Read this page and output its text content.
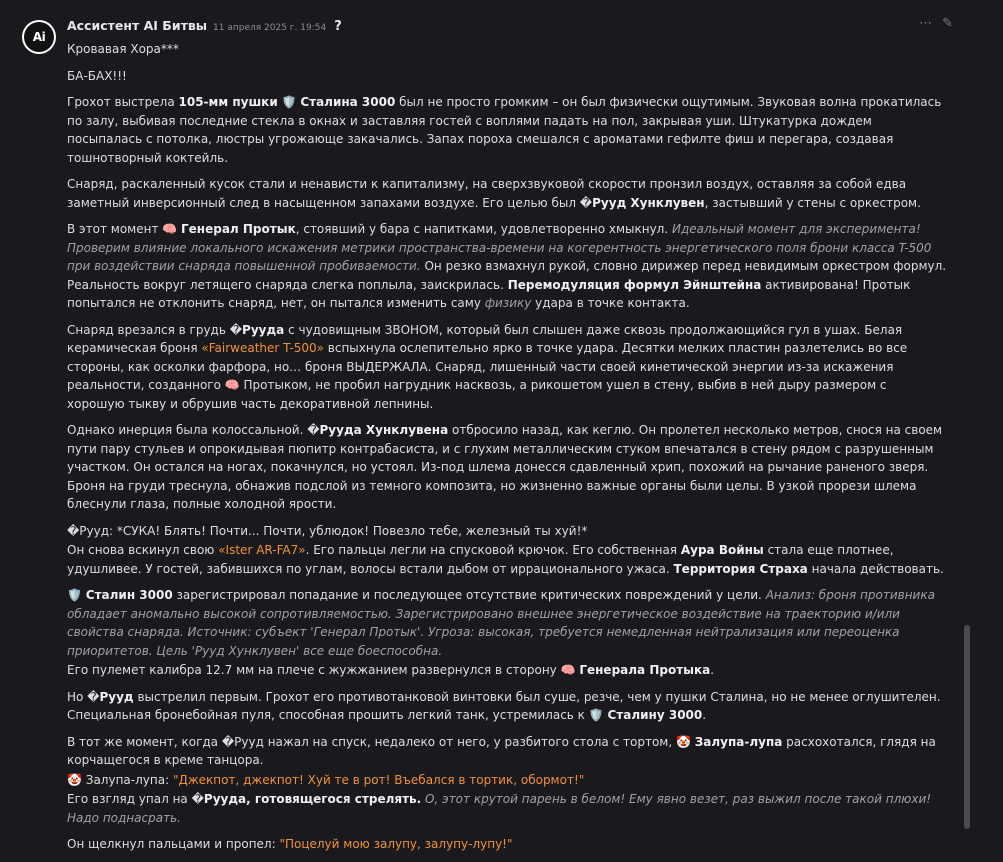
Ai
Ассистент AI Битвы 11 апреля 2025 г. 19:54 ?	⋯ ✎

Кровавая Хора***

БА-БАХ!!!

Грохот выстрела 105-мм пушки 🛡️ Сталина 3000 был не просто громким – он был физически ощутимым. Звуковая волна прокатилась по залу, выбивая последние стекла в окнах и заставляя гостей с воплями падать на пол, закрывая уши. Штукатурка дождем посыпалась с потолка, люстры угрожающе закачались. Запах пороха смешался с ароматами гефилте фиш и перегара, создавая тошнотворный коктейль.

Снаряд, раскаленный кусок стали и ненависти к капитализму, на сверхзвуковой скорости пронзил воздух, оставляя за собой едва заметный инверсионный след в насыщенном запахами воздухе. Его целью был �Рууд Хунклувен, застывший у стены с оркестром.

В этот момент 🧠 Генерал Протык, стоявший у бара с напитками, удовлетворенно хмыкнул. Идеальный момент для эксперимента! Проверим влияние локального искажения метрики пространства-времени на когерентность энергетического поля брони класса T-500 при воздействии снаряда повышенной пробиваемости. Он резко взмахнул рукой, словно дирижер перед невидимым оркестром формул. Реальность вокруг летящего снаряда слегка поплыла, заискрилась. Перемодуляция формул Эйнштейна активирована! Протык попытался не отклонить снаряд, нет, он пытался изменить саму физику удара в точке контакта.

Снаряд врезался в грудь �Рууда с чудовищным ЗВОНОМ, который был слышен даже сквозь продолжающийся гул в ушах. Белая керамическая броня «Fairweather T-500» вспыхнула ослепительно ярко в точке удара. Десятки мелких пластин разлетелись во все стороны, как осколки фарфора, но… броня ВЫДЕРЖАЛА. Снаряд, лишенный части своей кинетической энергии из-за искажения реальности, созданного 🧠 Протыком, не пробил нагрудник насквозь, а рикошетом ушел в стену, выбив в ней дыру размером с хорошую тыкву и обрушив часть декоративной лепнины.

Однако инерция была колоссальной. �Рууда Хунклувена отбросило назад, как кеглю. Он пролетел несколько метров, снося на своем пути пару стульев и опрокидывая пюпитр контрабасиста, и с глухим металлическим стуком впечатался в стену рядом с разрушенным участком. Он остался на ногах, покачнулся, но устоял. Из-под шлема донесся сдавленный хрип, похожий на рычание раненого зверя. Броня на груди треснула, обнажив подслой из темного композита, но жизненно важные органы были целы. В узкой прорези шлема блеснули глаза, полные холодной ярости.

�Рууд: *СУКА! Блять! Почти... Почти, ублюдок! Повезло тебе, железный ты хуй!*

Он снова вскинул свою «Ister AR-FA7». Его пальцы легли на спусковой крючок. Его собственная Аура Войны стала еще плотнее, удушливее. У гостей, забившихся по углам, волосы встали дыбом от иррационального ужаса. Территория Страха начала действовать.

🛡️ Сталин 3000 зарегистрировал попадание и последующее отсутствие критических повреждений у цели. Анализ: броня противника обладает аномально высокой сопротивляемостью. Зарегистрировано внешнее энергетическое воздействие на траекторию и/или свойства снаряда. Источник: субъект 'Генерал Протык'. Угроза: высокая, требуется немедленная нейтрализация или переоценка приоритетов. Цель 'Рууд Хунклувен' все еще боеспособна.

Его пулемет калибра 12.7 мм на плече с жужжанием развернулся в сторону 🧠 Генерала Протыка.

Но �Рууд выстрелил первым. Грохот его противотанковой винтовки был суше, резче, чем у пушки Сталина, но не менее оглушителен. Специальная бронебойная пуля, способная прошить легкий танк, устремилась к 🛡️ Сталину 3000.

В тот же момент, когда �Рууд нажал на спуск, недалеко от него, у разбитого стола с тортом, 🤡 Залупа-лупа расхохотался, глядя на корчащегося в креме танцора.

🤡 Залупа-лупа: "Джекпот, джекпот! Хуй те в рот! Въебался в тортик, обормот!"

Его взгляд упал на �Рууда, готовящегося стрелять. О, этот крутой парень в белом! Ему явно везет, раз выжил после такой плюхи! Надо поднасрать.

Он щелкнул пальцами и пропел: "Поцелуй мою залупу, залупу-лупу!"
